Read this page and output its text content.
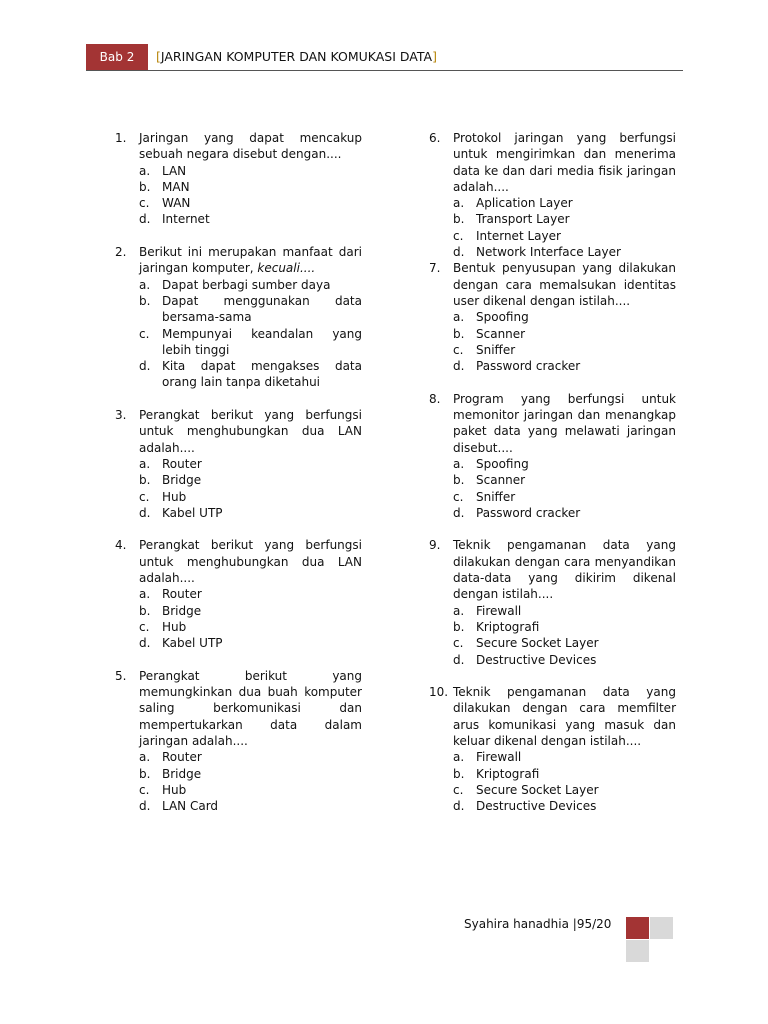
Bab 2	[JARINGAN KOMPUTER DAN KOMUKASI DATA]
1.	Jaringan yang dapat mencakup sebuah negara disebut dengan....
a. LAN
b. MAN
c.	WAN
d. Internet
2.	Berikut ini merupakan manfaat dari jaringan komputer, kecuali....
a. Dapat berbagi sumber daya
b. Dapat menggunakan data bersama-sama
c.	Mempunyai keandalan yang lebih tinggi
d. Kita dapat mengakses data orang lain tanpa diketahui
3.	Perangkat berikut yang berfungsi untuk menghubungkan dua LAN adalah....
a. Router
b. Bridge
c.	Hub
d. Kabel UTP
4.	Perangkat berikut yang berfungsi untuk menghubungkan dua LAN adalah....
a. Router
b. Bridge
c.	Hub
d. Kabel UTP
5.	Perangkat berikut yang memungkinkan dua buah komputer saling berkomunikasi dan mempertukarkan data dalam jaringan adalah....
a. Router
b. Bridge
c.	Hub
d. LAN Card
6.	Protokol jaringan yang berfungsi untuk mengirimkan dan menerima data ke dan dari media fisik jaringan adalah....
a. Aplication Layer
b. Transport Layer
c.	Internet Layer
d. Network Interface Layer
7.	Bentuk penyusupan yang dilakukan dengan cara memalsukan identitas user dikenal dengan istilah....
a. Spoofing
b. Scanner
c.	Sniffer
d. Password cracker
8.	Program yang berfungsi untuk memonitor jaringan dan menangkap paket data yang melawati jaringan disebut....
a. Spoofing
b. Scanner
c.	Sniffer
d. Password cracker
9.	Teknik pengamanan data yang dilakukan dengan cara menyandikan data-data yang dikirim dikenal dengan istilah....
a. Firewall
b. Kriptografi
c.	Secure Socket Layer
d. Destructive Devices
10. Teknik pengamanan data yang dilakukan dengan cara memfilter arus komunikasi yang masuk dan keluar dikenal dengan istilah....
a. Firewall
b. Kriptografi
c.	Secure Socket Layer
d. Destructive Devices
Syahira hanadhia |95/20
